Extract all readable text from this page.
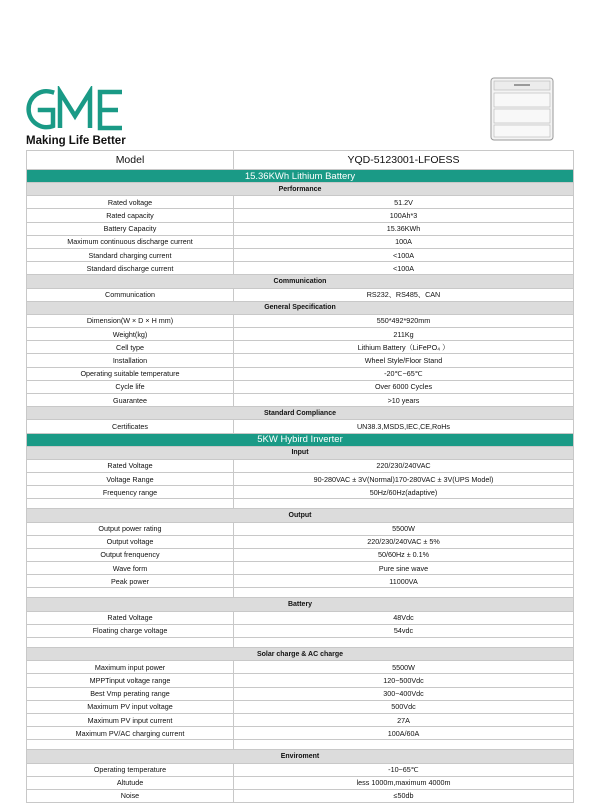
Making Life Better
Model	YQD-5123001-LFOESS
15.36KWh Lithium Battery	
Performance	
Rated voltage	51.2V
Rated capacity	100Ah*3
Battery Capacity	15.36KWh
Maximum continuous discharge current	100A
Standard charging current	<100A
Standard discharge current	<100A
Communication	
Communication	RS232、RS485、CAN
General Specification	
Dimension(W × D × H mm)	550*492*920mm
Weight(kg)	211Kg
Cell type	Lithium Battery（LiFePO₄ ）
Installation	Wheel Style/Floor Stand
Operating suitable temperature	-20℃~65℃
Cycle life	Over 6000 Cycles
Guarantee	>10 years
Standard Compliance	
Certificates	UN38.3,MSDS,IEC,CE,RoHs
5KW Hybird Inverter	
Input	
Rated Voltage	220/230/240VAC
Voltage Range	90-280VAC ± 3V(Normal)170-280VAC ± 3V(UPS Model)
Frequency range	50Hz/60Hz(adaptive)

Output	
Output power rating	5500W
Output voltage	220/230/240VAC ± 5%
Output frenquency	50/60Hz ± 0.1%
Wave form	Pure sine wave
Peak power	11000VA

Battery	
Rated Voltage	48Vdc
Floating charge voltage	54vdc

Solar charge & AC charge	
Maximum input power	5500W
MPPTinput voltage range	120~500Vdc
Best Vmp perating range	300~400Vdc
Maximum PV input voltage	500Vdc
Maximum PV input current	27A
Maximum PV/AC charging current	100A/60A

Enviroment	
Operating temperature	-10~65℃
Altutude	less 1000m,maximum 4000m
Noise	≤50db
